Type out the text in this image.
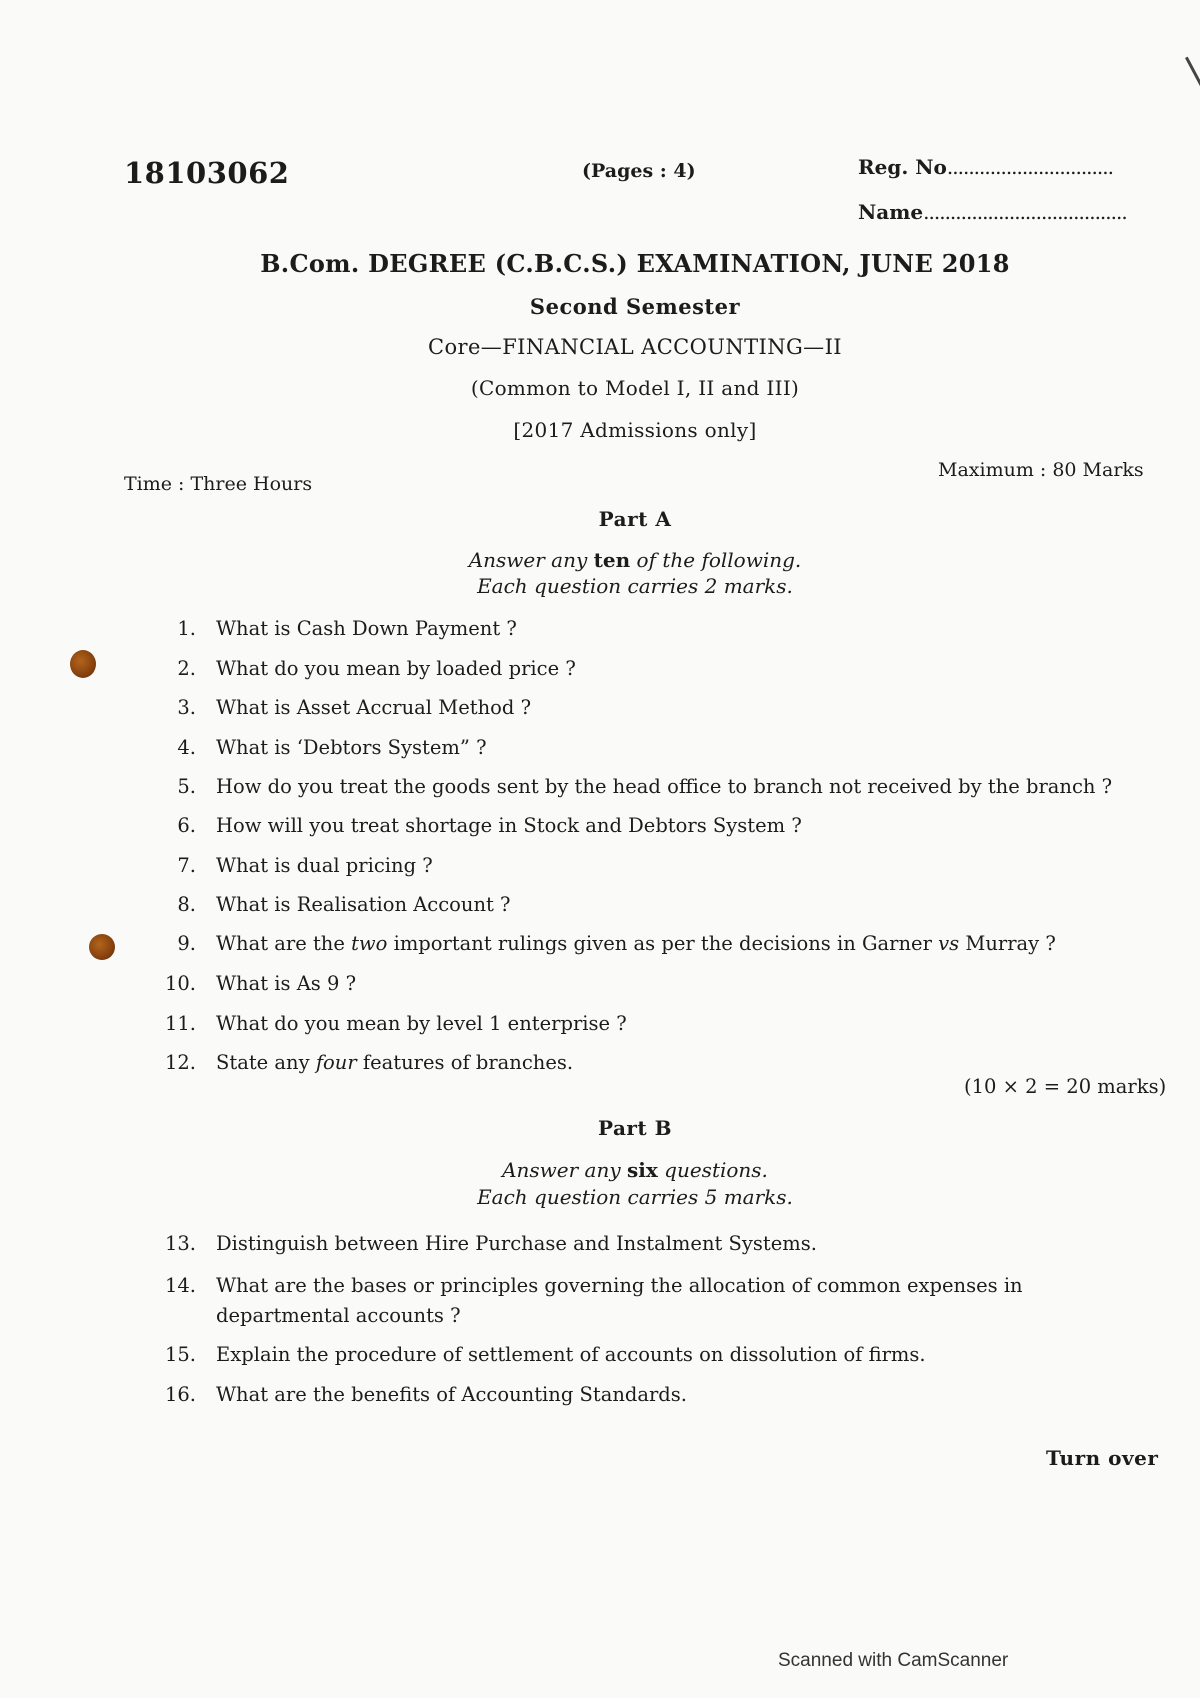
18103062	(Pages : 4)	Reg. No...............................
Name......................................
B.Com. DEGREE (C.B.C.S.) EXAMINATION, JUNE 2018
Second Semester
Core—FINANCIAL ACCOUNTING—II
(Common to Model I, II and III)
[2017 Admissions only]
Time : Three Hours
Maximum : 80 Marks
Part A
Answer any ten of the following.
Each question carries 2 marks.
1. What is Cash Down Payment ?
2. What do you mean by loaded price ?
3. What is Asset Accrual Method ?
4. What is ‘Debtors System” ?
5. How do you treat the goods sent by the head office to branch not received by the branch ?
6. How will you treat shortage in Stock and Debtors System ?
7. What is dual pricing ?
8. What is Realisation Account ?
9. What are the two important rulings given as per the decisions in Garner vs Murray ?
10. What is As 9 ?
11. What do you mean by level 1 enterprise ?
12. State any four features of branches.
(10 × 2 = 20 marks)
Part B
Answer any six questions.
Each question carries 5 marks.
13. Distinguish between Hire Purchase and Instalment Systems.
14. What are the bases or principles governing the allocation of common expenses in departmental accounts ?
15. Explain the procedure of settlement of accounts on dissolution of firms.
16. What are the benefits of Accounting Standards.
Turn over
Scanned with CamScanner
